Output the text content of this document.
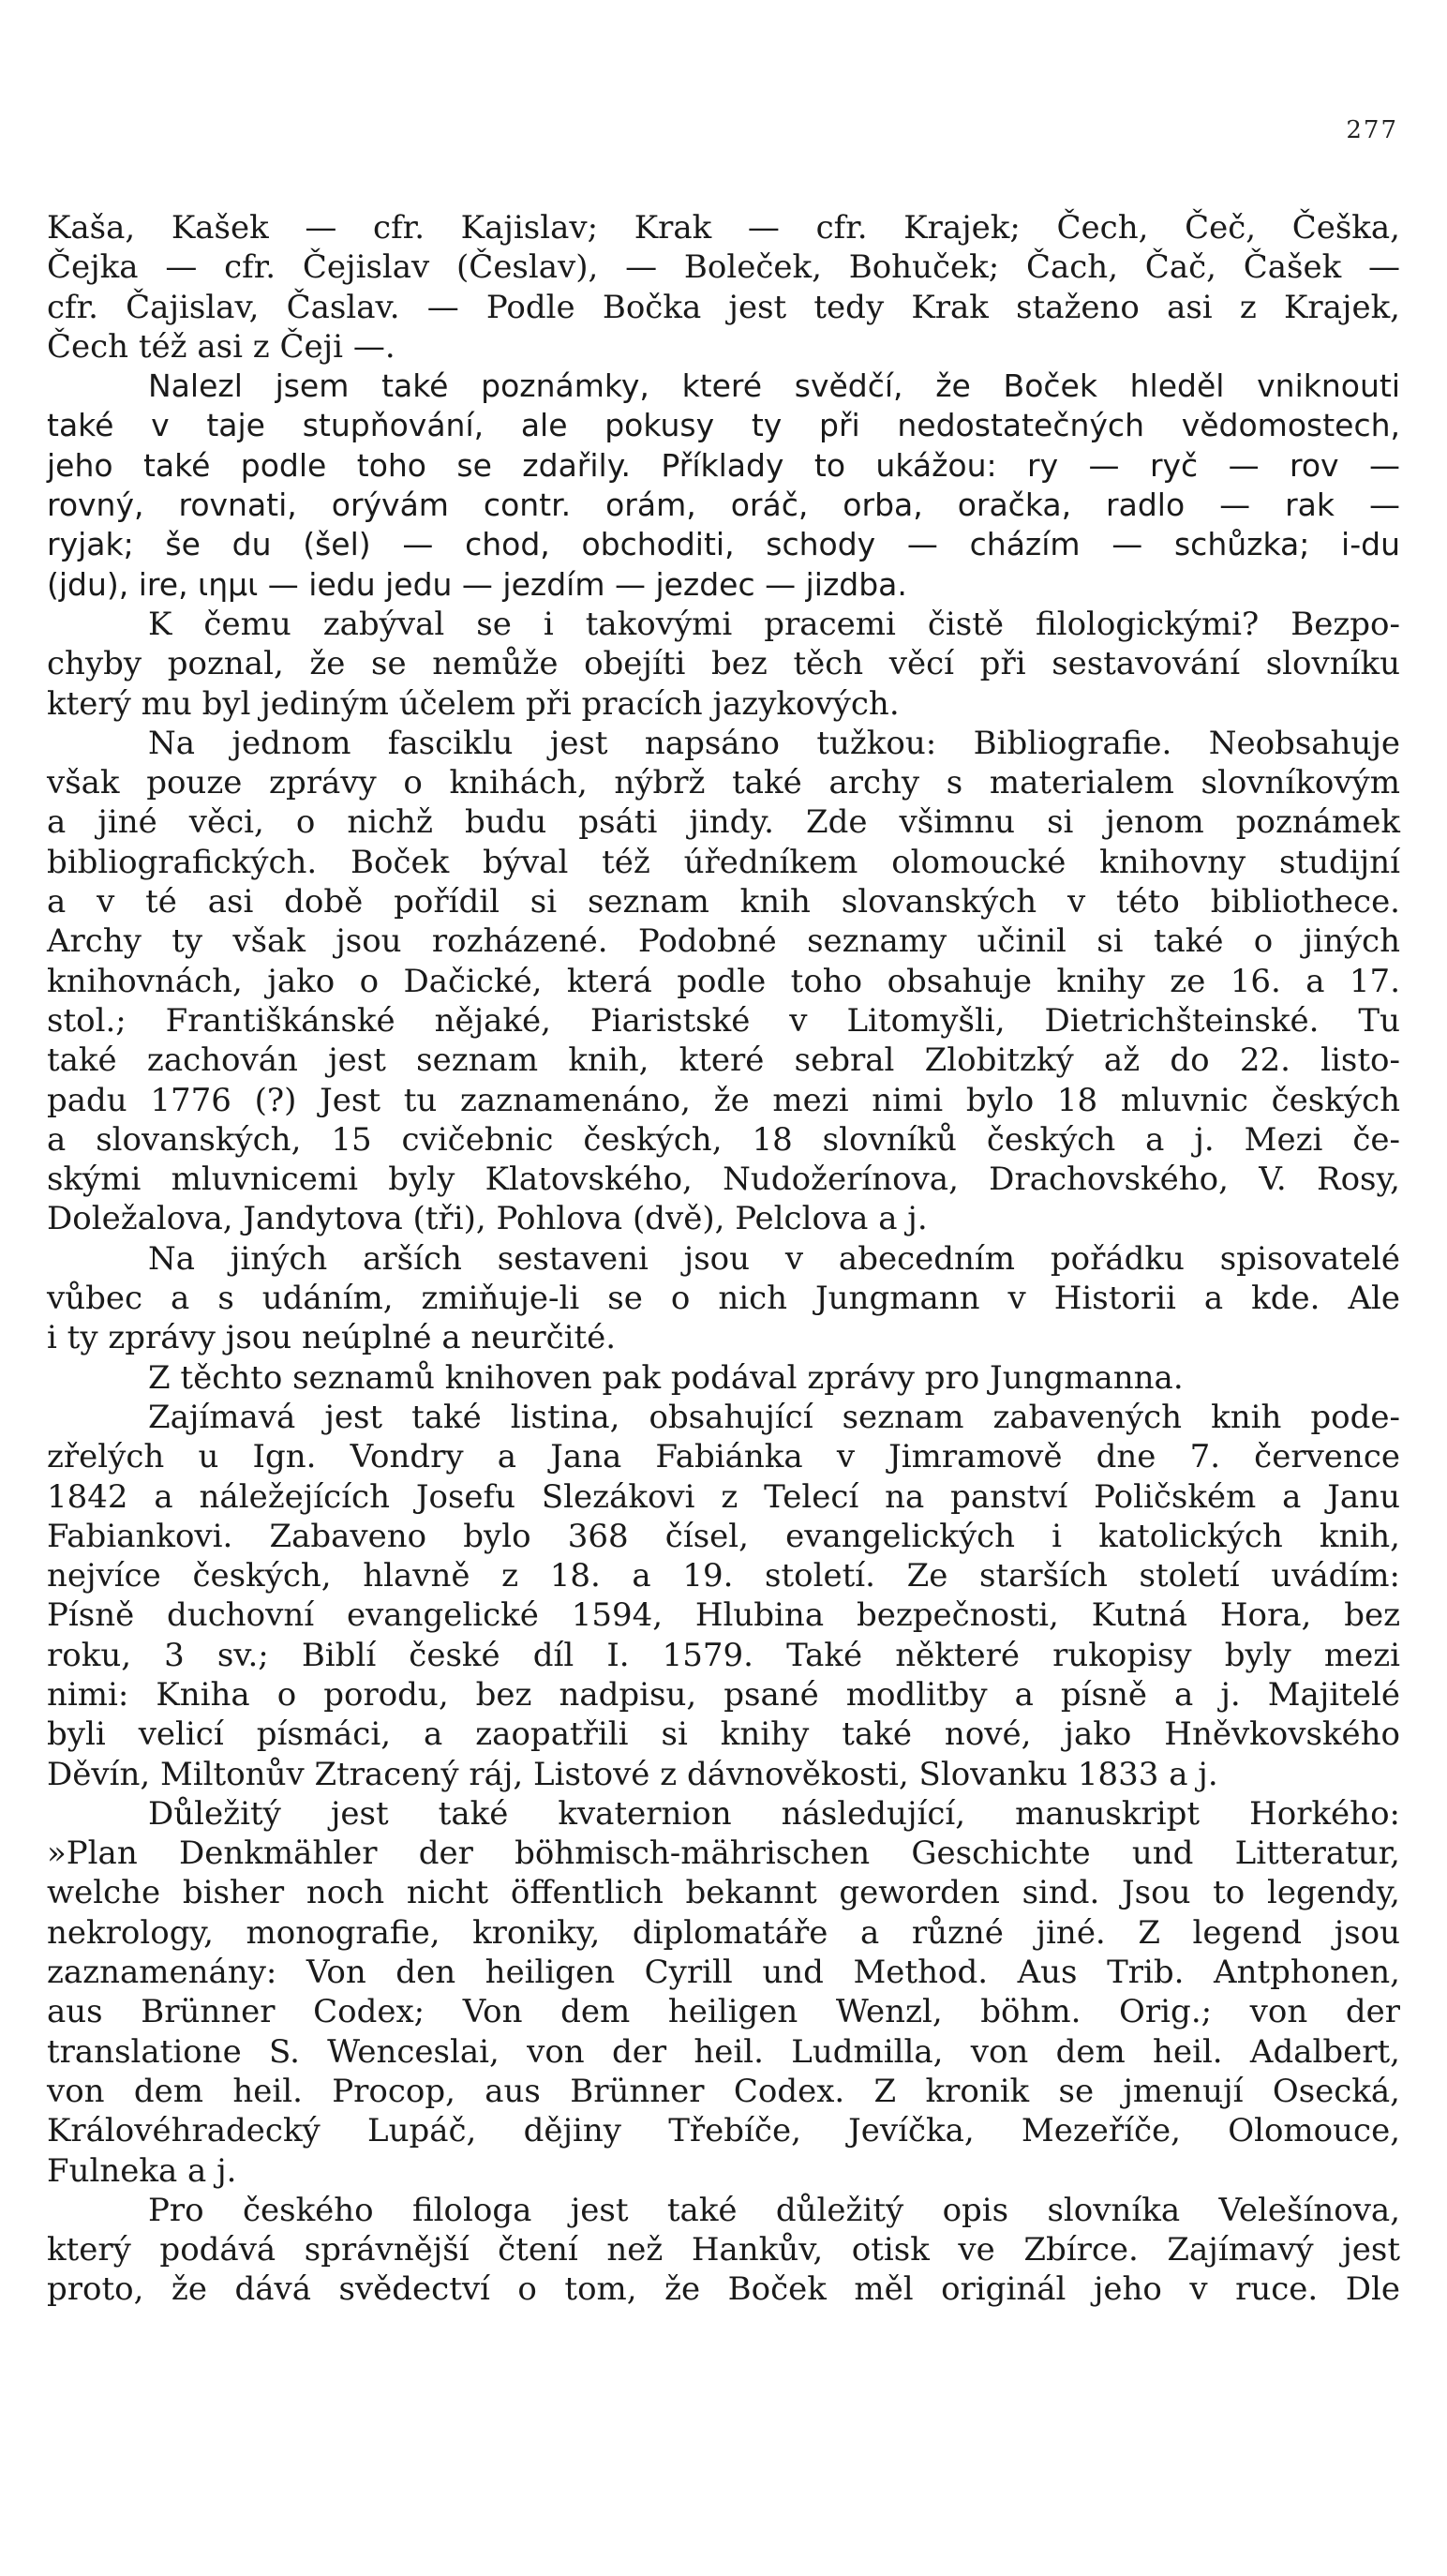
277
Kaša, Kašek — cfr. Kajislav; Krak — cfr. Krajek; Čech, Čeč, Češka,
Čejka — cfr. Čejislav (Česlav), — Boleček, Bohuček; Čach, Čač, Čašek —
cfr. Čajislav, Časlav. — Podle Bočka jest tedy Krak staženo asi z Krajek,
Čech též asi z Čeji —.
Nalezl jsem také poznámky, které svědčí, že Boček hleděl vniknouti
také v taje stupňování, ale pokusy ty při nedostatečných vědomostech,
jeho také podle toho se zdařily. Příklady to ukážou: ry — ryč — rov —
rovný, rovnati, orývám contr. orám, oráč, orba, oračka, radlo — rak —
ryjak; še du (šel) — chod, obchoditi, schody — cházím — schůzka; i-du
(jdu), ire, ιημι — iedu jedu — jezdím — jezdec — jizdba.
K čemu zabýval se i takovými pracemi čistě filologickými? Bezpo-
chyby poznal, že se nemůže obejíti bez těch věcí při sestavování slovníku
který mu byl jediným účelem při pracích jazykových.
Na jednom fasciklu jest napsáno tužkou: Bibliografie. Neobsahuje
však pouze zprávy o knihách, nýbrž také archy s materialem slovníkovým
a jiné věci, o nichž budu psáti jindy. Zde všimnu si jenom poznámek
bibliografických. Boček býval též úředníkem olomoucké knihovny studijní
a v té asi době pořídil si seznam knih slovanských v této bibliothece.
Archy ty však jsou rozházené. Podobné seznamy učinil si také o jiných
knihovnách, jako o Dačické, která podle toho obsahuje knihy ze 16. a 17.
stol.; Františkánské nějaké, Piaristské v Litomyšli, Dietrichšteinské. Tu
také zachován jest seznam knih, které sebral Zlobitzký až do 22. listo-
padu 1776 (?) Jest tu zaznamenáno, že mezi nimi bylo 18 mluvnic českých
a slovanských, 15 cvičebnic českých, 18 slovníků českých a j. Mezi če-
skými mluvnicemi byly Klatovského, Nudožerínova, Drachovského, V. Rosy,
Doležalova, Jandytova (tři), Pohlova (dvě), Pelclova a j.
Na jiných arších sestaveni jsou v abecedním pořádku spisovatelé
vůbec a s udáním, zmiňuje-li se o nich Jungmann v Historii a kde. Ale
i ty zprávy jsou neúplné a neurčité.
Z těchto seznamů knihoven pak podával zprávy pro Jungmanna.
Zajímavá jest také listina, obsahující seznam zabavených knih pode-
zřelých u Ign. Vondry a Jana Fabiánka v Jimramově dne 7. července
1842 a náležejících Josefu Slezákovi z Telecí na panství Poličském a Janu
Fabiankovi. Zabaveno bylo 368 čísel, evangelických i katolických knih,
nejvíce českých, hlavně z 18. a 19. století. Ze starších století uvádím:
Písně duchovní evangelické 1594, Hlubina bezpečnosti, Kutná Hora, bez
roku, 3 sv.; Biblí české díl I. 1579. Také některé rukopisy byly mezi
nimi: Kniha o porodu, bez nadpisu, psané modlitby a písně a j. Majitelé
byli velicí písmáci, a zaopatřili si knihy také nové, jako Hněvkovského
Děvín, Miltonův Ztracený ráj, Listové z dávnověkosti, Slovanku 1833 a j.
Důležitý jest také kvaternion následující, manuskript Horkého:
»Plan Denkmähler der böhmisch-mährischen Geschichte und Litteratur,
welche bisher noch nicht öffentlich bekannt geworden sind. Jsou to legendy,
nekrology, monografie, kroniky, diplomatáře a různé jiné. Z legend jsou
zaznamenány: Von den heiligen Cyrill und Method. Aus Trib. Antphonen,
aus Brünner Codex; Von dem heiligen Wenzl, böhm. Orig.; von der
translatione S. Wenceslai, von der heil. Ludmilla, von dem heil. Adalbert,
von dem heil. Procop, aus Brünner Codex. Z kronik se jmenují Osecká,
Královéhradecký Lupáč, dějiny Třebíče, Jevíčka, Mezeříče, Olomouce,
Fulneka a j.
Pro českého filologa jest také důležitý opis slovníka Velešínova,
který podává správnější čtení než Hankův, otisk ve Zbírce. Zajímavý jest
proto, že dává svědectví o tom, že Boček měl originál jeho v ruce. Dle
